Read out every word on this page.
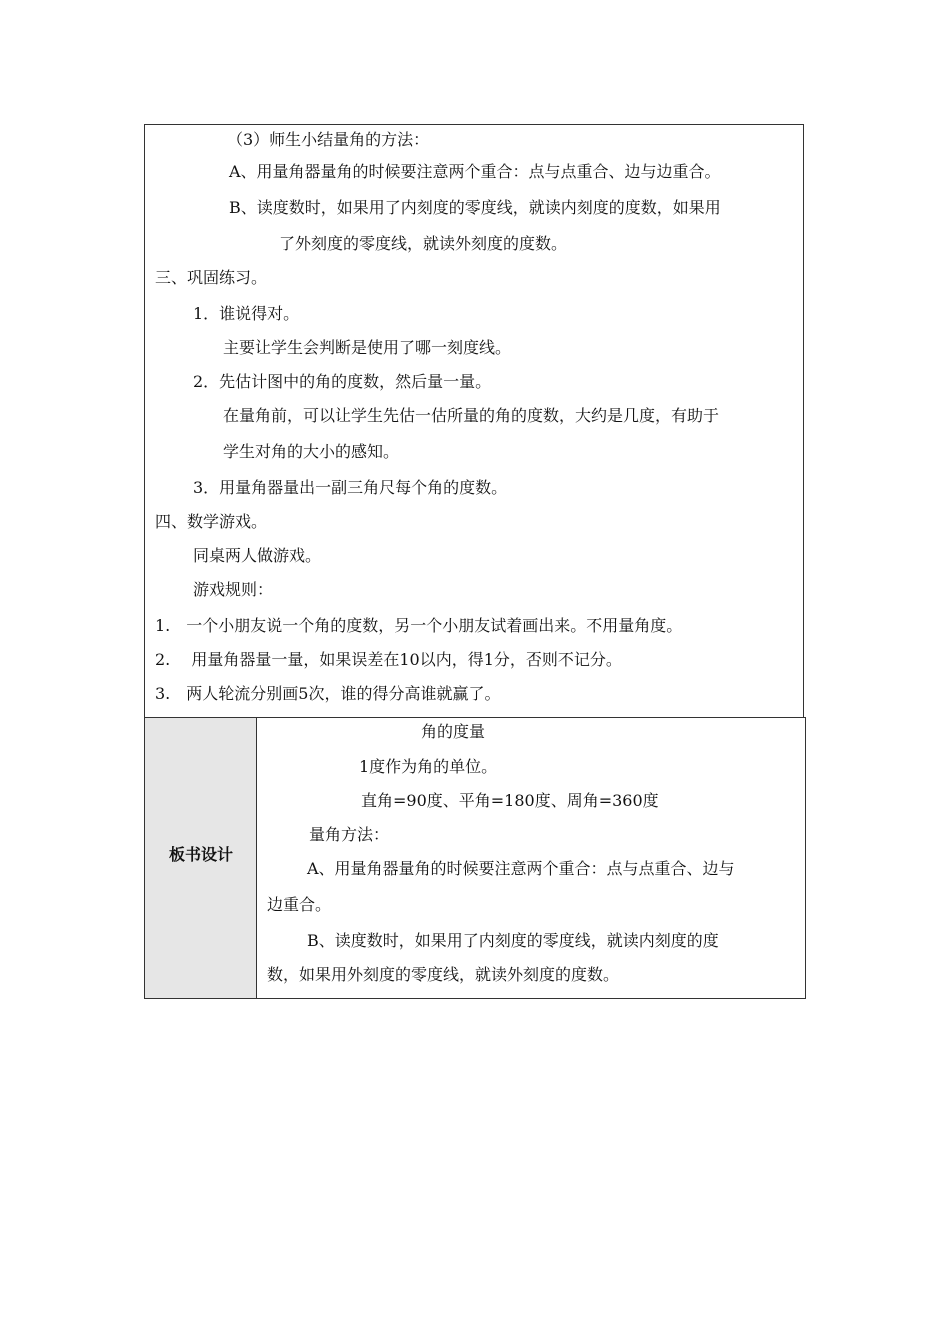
（3）师生小结量角的方法：
A、用量角器量角的时候要注意两个重合：点与点重合、边与边重合。
B、读度数时，如果用了内刻度的零度线，就读内刻度的度数，如果用
了外刻度的零度线，就读外刻度的度数。
三、巩固练习。
1．谁说得对。
主要让学生会判断是使用了哪一刻度线。
2．先估计图中的角的度数，然后量一量。
在量角前，可以让学生先估一估所量的角的度数，大约是几度，有助于
学生对角的大小的感知。
3．用量角器量出一副三角尺每个角的度数。
四、数学游戏。
同桌两人做游戏。
游戏规则：
1.　一个小朋友说一个角的度数，另一个小朋友试着画出来。不用量角度。
2.　 用量角器量一量，如果误差在10以内，得1分，否则不记分。
3.　两人轮流分别画5次，谁的得分高谁就赢了。
板书设计
角的度量
1度作为角的单位。
直角=90度、平角=180度、周角=360度
量角方法：
A、用量角器量角的时候要注意两个重合：点与点重合、边与
边重合。
B、读度数时，如果用了内刻度的零度线，就读内刻度的度
数，如果用外刻度的零度线，就读外刻度的度数。
